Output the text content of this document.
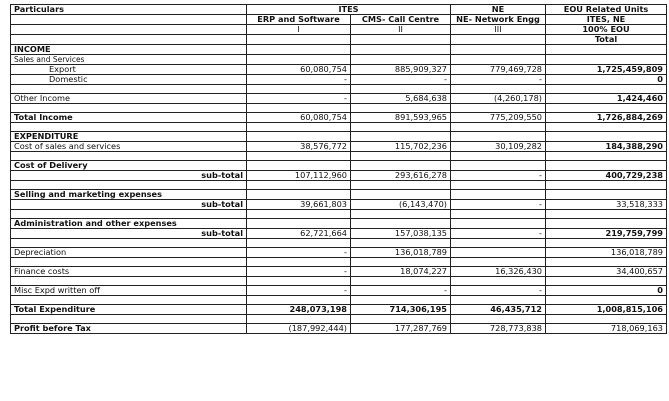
Particulars	ITES		NE	EOU Related Units
	ERP and Software	CMS- Call Centre	NE- Network Engg	ITES, NE
	I	II	III	100% EOU
				Total
INCOME				
Sales and Services				
Export	60,080,754	885,909,327	779,469,728	1,725,459,809
Domestic	-	-	-	0

Other Income	-	5,684,638	(4,260,178)	1,424,460

Total Income	60,080,754	891,593,965	775,209,550	1,726,884,269

EXPENDITURE				
Cost of sales and services	38,576,772	115,702,236	30,109,282	184,388,290

Cost of Delivery				
sub-total	107,112,960	293,616,278	-	400,729,238

Selling and marketing expenses				
sub-total	39,661,803	(6,143,470)	-	33,518,333

Administration and other expenses				
sub-total	62,721,664	157,038,135	-	219,759,799

Depreciation	-	136,018,789		136,018,789

Finance costs	-	18,074,227	16,326,430	34,400,657

Misc Expd written off	-	-	-	0

Total Expenditure	248,073,198	714,306,195	46,435,712	1,008,815,106

Profit before Tax	(187,992,444)	177,287,769	728,773,838	718,069,163
